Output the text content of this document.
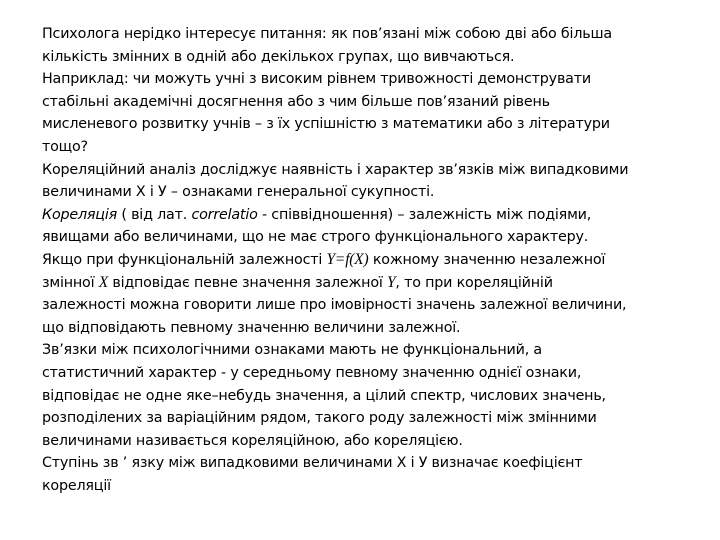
Психолога нерідко інтересує питання: як пов’язані між собою дві або більша
кількість змінних в одній або декількох групах, що вивчаються.
Наприклад: чи можуть учні з високим рівнем тривожності демонструвати
стабільні академічні досягнення або з чим більше пов’язаний рівень
мисленевого розвитку учнів – з їх успішністю з математики або з літератури
тощо?
Кореляційний аналіз досліджує наявність і характер зв’язків між випадковими
величинами Х і У – ознаками генеральної сукупності.
Кореляція ( від лат. correlatio - співвідношення) – залежність між подіями,
явищами або величинами, що не має строго функціонального характеру.
Якщо при функціональній залежності Y=f(X) кожному значенню незалежної
змінної X відповідає певне значення залежної Y, то при кореляційній
залежності можна говорити лише про імовірності значень залежної величини,
що відповідають певному значенню величини залежної.
Зв’язки між психологічними ознаками мають не функціональний, а
статистичний характер - у середньому певному значенню однієї ознаки,
відповідає не одне яке–небудь значення, а цілий спектр, числових значень,
розподілених за варіаційним рядом, такого роду залежності між змінними
величинами називається кореляційною, або кореляцією.
Ступінь зв ’ язку між випадковими величинами Х і У визначає коефіцієнт
кореляції
